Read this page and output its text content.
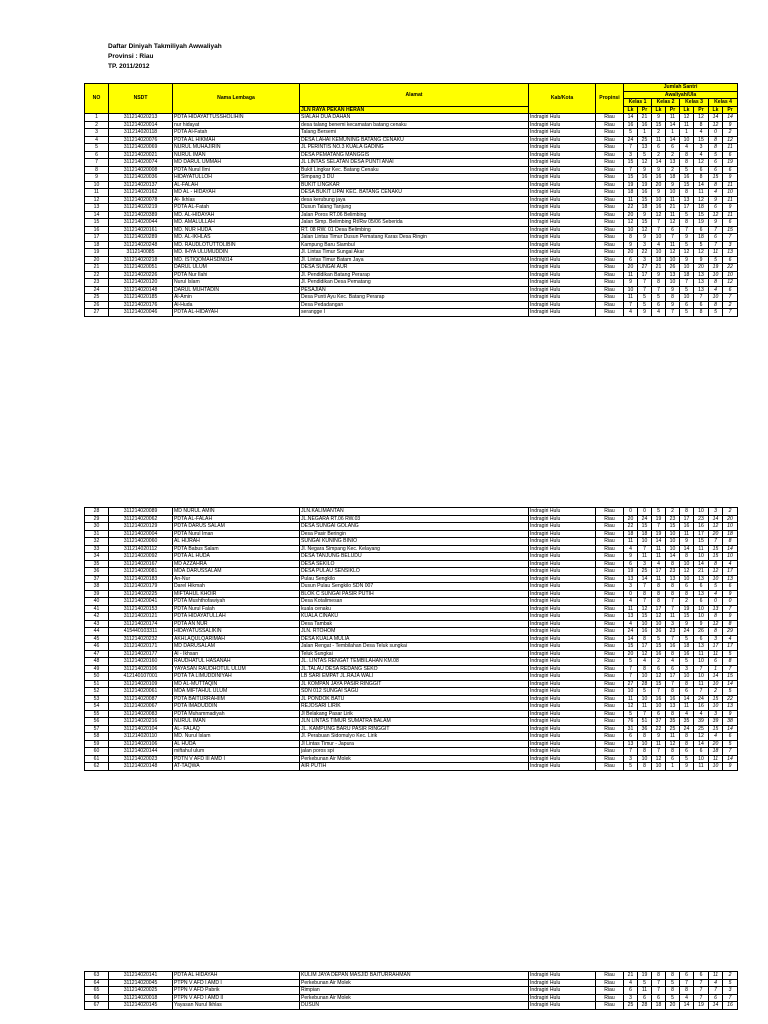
Daftar Diniyah Takmiliyah Awwaliyah
Provinsi : Riau
TP. 2011/2012
NO	NSDT	Nama Lembaga	Alamat	Kab/Kota	Propinsi	Jumlah Santri							
						Awaliyah/Ula							
						Kelas 1		Kelas 2		Kelas 3		Kelas 4	
			JLN RAYA PEKAN HERAN			Lk	Pr	Lk	Pr	Lk	Pr	Lk	Pr
1	311214020213	PDTA HIDAYATTUSSHOLIHIN	SIALAH DUA DAHAN	Indragiri Hulu	Riau	14	21	9	11	12	12	14	14
2	311214020014	nur hidayat	desa talang benemi kecamatan batang cenaku	Indragiri Hulu	Riau	16	16	15	14	11	8	12	9
3	311214020118	PDTA Al-Fatah	Talang Bersemi	Indragiri Hulu	Riau	5	1	2	1	1	4	0	2
4	311214020076	PDTA AL HIKMAH	DESA LAHAI KEMUNING BATANG CENAKU	Indragiri Hulu	Riau	24	25	11	14	10	15	8	12
5	311214020069	NURUL MUHAJIRIN	JL PERINTIS NO.3 KUALA GADING	Indragiri Hulu	Riau	7	13	6	6	4	3	8	11
6	311214020021	NURUL IMAN	DESA PEMATANG MANGGIS	Indragiri Hulu	Riau	3	5	2	2	8	4	5	6
7	311214020074	MD DARUL UMMAH	JL LINTAS SELATAN DESA PUNTI ANAI	Indragiri Hulu	Riau	15	12	14	13	8	12	6	19
8	311214020008	PDTA Nurul Ilmi	Bukit Lingkar Kec. Batang Cenaku	Indragiri Hulu	Riau	7	9	9	2	5	6	6	6
9	311214020036	HIDAYATULLOH	Simpang 3 DU	Indragiri Hulu	Riau	15	16	16	18	16	8	15	9
10	311214020137	AL-FALAH	BUKIT LINGKAR	Indragiri Hulu	Riau	19	19	20	9	15	14	8	11
11	311214020162	MD AL - HIDAYAH	DESA BUKIT LIPAI KEC. BATANG CENAKU	Indragiri Hulu	Riau	18	16	9	10	8	11	4	10
12	311214020078	Al- Ikhlas	desa kerubung jaya	Indragiri Hulu	Riau	11	15	10	11	13	12	9	11
13	311214020219	PDTA AL-Fatah	Dusun Talang Tanjung	Indragiri Hulu	Riau	22	18	16	21	17	18	6	9
14	311214020389	MD. AL-HIDAYAH	Jalan Poros RT.06 Belimbing	Indragiri Hulu	Riau	20	9	12	11	5	15	12	11
15	311214020044	MD. AMALULLAH	Jalan Simp. Belimbing Rt/Rw 05/06 Seberida	Indragiri Hulu	Riau	12	15	7	12	8	19	9	6
16	311214020161	MD. NUR HUDA	RT. 08 RW. 01 Desa Belimbing	Indragiri Hulu	Riau	10	12	7	6	7	6	7	15
17	311214020289	MD. AL-IKHLAS	Jalan Lintas Timur Dusun Pematang Karas Desa Ringin	Indragiri Hulu	Riau	8	9	10	7	9	18	6	7
18	311214020248	MD. RAUDLOTUTTOLIBIN	Kampung Baru Siambul	Indragiri Hulu	Riau	9	3	4	11	5	5	7	3
19	3112140085	MD. IHYA ULUMUDDIN	Jl. Lintas Timur Sungai Akar	Indragiri Hulu	Riau	20	22	10	12	12	12	11	13
20	311214020218	MD. ISTIQOMAHSDN014	Jl. Lintas Timur Batam Jaya	Indragiri Hulu	Riau	6	3	18	10	9	9	5	6
21	311214020051	DARUL ULUM	DESA SUNGAI AUR	Indragiri Hulu	Riau	20	27	21	26	10	20	19	22
22	311214020226	PDTA Nur Ilahi	Jl. Pendidikan Batang Perarap	Indragiri Hulu	Riau	11	17	9	13	18	13	10	10
23	311214020120	Nurul Islam	Jl. Pendidikan Desa Pematang	Indragiri Hulu	Riau	9	7	8	10	7	13	8	12
24	311214020148	DARUL MUHTADIN	PESAJIAN	Indragiri Hulu	Riau	10	7	7	9	5	13	4	6
25	311214020185	Al-Amin	Desa Punti Ayu Kec. Batang Perarap	Indragiri Hulu	Riau	11	5	5	8	10	7	10	7
26	311214020176	Al-Huda	Desa Pedadangan	Indragiri Hulu	Riau	7	5	6	9	6	6	8	2
27	311214020046	PDTA AL-HIDAYAH	serangge I	Indragiri Hulu	Riau	4	9	4	7	5	8	5	7
28	311214020089	MD NURUL AMIN	JLN.KALIMANTAN	Indragiri Hulu	Riau	0	0	5	2	8	10	3	2
29	311214020062	PDTA AL-FALAH	JL.NEGARA RT.06 RW.03	Indragiri Hulu	Riau	20	24	19	23	17	23	14	20
30	311214020129	PDTA DARUS SALAM	DESA SUNGAI GOLANG	Indragiri Hulu	Riau	22	15	7	15	16	16	12	10
31	311214020004	PDTA Nurul Iman	Desa Pasir Beringin	Indragiri Hulu	Riau	18	18	19	10	11	17	20	18
32	311214020060	AL HIJRAH	SUNGAI KUNING BINIO	Indragiri Hulu	Riau	11	10	14	10	9	15	7	8
33	311214020112	PDTA Babus Salam	Jl. Negara Simpang Kec. Kelayang	Indragiri Hulu	Riau	4	7	11	10	14	11	15	14
34	311214020092	PDTA AL HUDA	DESA TANJUNG BELUDU	Indragiri Hulu	Riau	9	11	11	14	8	10	15	10
35	311214020167	MD AZZAHRA	DESA SEKILO	Indragiri Hulu	Riau	6	3	4	8	10	14	8	4
36	311214020081	MDA DARUSSALAM	DESA PULAU SENSIKLO	Indragiri Hulu	Riau	19	25	17	23	12	21	12	17
37	311214020183	An-Nur	Pulau Sengkilo	Indragiri Hulu	Riau	13	14	11	13	10	13	10	13
38	311214020179	Darel Hikmah	Dusun Pulau Sengkilo SDN 007	Indragiri Hulu	Riau	3	7	8	8	6	6	5	6
39	311214020225	MIFTAHUL KHOIR	BLOK C SUNGAI PASIR PUTIH	Indragiri Hulu	Riau	0	8	8	8	8	13	4	9
40	311214020041	PDTA Mushthofawiyah	Desa Kotalimesan	Indragiri Hulu	Riau	4	7	8	7	2	6	0	0
41	311214020153	PDTA Nurul Falah	kuala cenaku	Indragiri Hulu	Riau	11	12	17	7	19	10	13	7
42	311214020121	PDTA HIDAYATULLAH	KUALA CINAKU	Indragiri Hulu	Riau	13	15	12	11	15	10	8	9
43	311214020174	PDTA AN NUR	Desa Tambak	Indragiri Hulu	Riau	4	10	10	3	9	9	12	8
44	415440103311	HIDAYATUSSALIKIN	JLN. RTOHOM	Indragiri Hulu	Riau	24	16	36	23	24	26	8	29
45	311214020232	AKHLAQULQARIMAH	DESA KUALA MULIA	Indragiri Hulu	Riau	14	8	5	7	5	6	3	4
46	311214020171	MD DARUSALAM	Jalan Rengat - Tembilahan Desa Teluk sungkai	Indragiri Hulu	Riau	15	17	15	16	18	13	17	17
47	311214020177	Al - Ikhsan	Teluk Sungkai	Indragiri Hulu	Riau	20	12	16	8	16	11	11	5
48	311214020160	RAUDHATUL HASANAH	JL. LINTAS RENGAT TEMBILAHAN KM.08	Indragiri Hulu	Riau	5	4	2	4	5	10	6	8
49	311214020106	YAYASAN RAUDHOTUL ULUM	JL.TALAU DESA REDANG SEKO	Indragiri Hulu	Riau	7	8	6	6	3	7	1	7
50	412140107001	PDTA TA LIMUDDINIYAH	LB SARI EMPAT JL.RAJA WALI	Indragiri Hulu	Riau	7	10	12	17	10	10	14	15
51	311214020109	MD AL-MUTTAQIN	JL KOMPAN JAYA PASIR RINGGIT	Indragiri Hulu	Riau	27	28	15	7	8	11	10	14
52	311214020061	MDA MIFTAHUL ULUM	SDN 012 SUNGAI SAGU	Indragiri Hulu	Riau	10	5	7	8	6	7	2	5
53	311214020087	PDTA BAITURRAHIIM	JL PONDOK BATU	Indragiri Hulu	Riau	11	10	16	16	14	24	15	22
54	311214020067	PDTA IMADUDDIN	REJOSARI LIRIK	Indragiri Hulu	Riau	12	11	10	13	11	16	10	13
55	311214020083	PDTA Muhammadiyah	Jl Belakang Pasar Lirik	Indragiri Hulu	Riau	5	7	6	8	4	4	3	9
56	311214020216	NURUL IMAN	JLN LINTAS TIMUR SUMATRA BALAM	Indragiri Hulu	Riau	76	51	37	35	35	39	39	38
57	311214020104	AL- FALAQ	JL. KAMPUNG BARU PASIR RINGGIT	Indragiri Hulu	Riau	31	36	22	25	24	25	15	14
58	311214020110	MD. Nurul Islam	Jl. Perabuan Sidomulyo Kec. Lirik	Indragiri Hulu	Riau	6	8	9	11	8	12	4	6
59	311214020106	AL HUDA	Jl Lintas Timur - Japura	Indragiri Hulu	Riau	13	10	11	12	8	14	20	5
60	311214020144	miftahul ulum	jalan poros spi	Indragiri Hulu	Riau	7	8	7	8	6	6	18	7
61	311214020023	PDTN V AFD III AMD I	Perkebunan Air Molek	Indragiri Hulu	Riau	3	10	12	6	5	10	11	14
62	311214020148	AT-TAQWA	AIR PUTIH	Indragiri Hulu	Riau	5	8	10	1	9	11	10	9
63	311214020141	PDTA AL HIDAYAH	KULIM JAYA DEPAN MASJID BAITURRAHMAN	Indragiri Hulu	Riau	21	19	8	8	6	6	11	2
64	311214020045	PTPN V AFD I AMD I	Perkebunan Air Molek	Indragiri Hulu	Riau	4	5	7	5	7	7	4	5
65	311214020025	PTPN V AFD Pabrik	Rimpian	Indragiri Hulu	Riau	6	11	7	8	8	7	7	3
66	311214020018	PTPN V AFD I AMD II	Perkebunan Air Molek	Indragiri Hulu	Riau	3	6	6	5	4	7	6	7
67	311214020145	Yayasan Nurul Ikhlas	DUSUN	Indragiri Hulu	Riau	25	28	18	20	14	19	14	16
